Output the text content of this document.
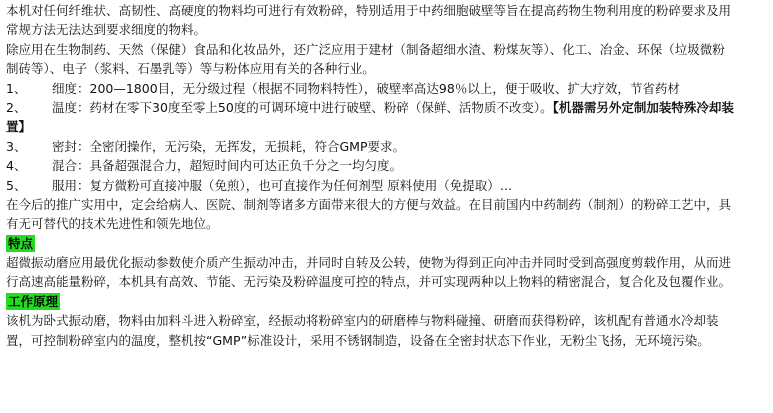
本机对任何纤维状、高韧性、高硬度的物料均可进行有效粉碎，特别适用于中药细胞破壁等旨在提高药物生物利用度的粉碎要求及用
常规方法无法达到要求细度的物料。
除应用在生物制药、天然（保健）食品和化妆品外，还广泛应用于建材（制备超细水渣、粉煤灰等）、化工、冶金、环保（垃圾微粉
制砖等）、电子（浆料、石墨乳等）等与粉体应用有关的各种行业。
1、 细度：200—1800目，无分级过程（根据不同物料特性），破壁率高达98％以上，便于吸收、扩大疗效，节省药材
2、 温度：药材在零下30度至零上50度的可调环境中进行破壁、粉碎（保鲜、活物质不改变）。【机器需另外定制加装特殊冷却装
置】
3、 密封：全密闭操作，无污染，无挥发，无损耗，符合GMP要求。
4、 混合：具备超强混合力，超短时间内可达正负千分之一均匀度。
5、 服用：复方微粉可直接冲服（免煎），也可直接作为任何剂型 原料使用（免提取）…
在今后的推广实用中，定会给病人、医院、制剂等诸多方面带来很大的方便与效益。在目前国内中药制药（制剂）的粉碎工艺中，具
有无可替代的技术先进性和领先地位。
特点
超微振动磨应用最优化振动参数使介质产生振动冲击，并同时自转及公转，使物为得到正向冲击并同时受到高强度剪载作用，从而进
行高速高能量粉碎，本机具有高效、节能、无污染及粉碎温度可控的特点，并可实现两种以上物料的精密混合，复合化及包覆作业。
工作原理
该机为卧式振动磨，物料由加料斗进入粉碎室，经振动将粉碎室内的研磨棒与物料碰撞、研磨而获得粉碎，该机配有普通水冷却装
置，可控制粉碎室内的温度，整机按“GMP”标准设计，采用不锈钢制造，设备在全密封状态下作业，无粉尘飞扬，无环境污染。
